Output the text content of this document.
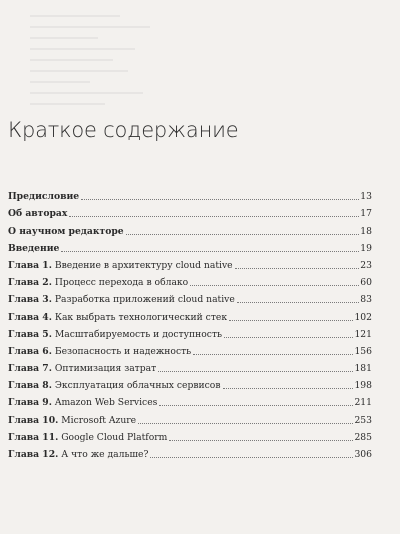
Краткое содержание
Предисловие	13
Об авторах	17
О научном редакторе	18
Введение	19
Глава 1. Введение в архитектуру cloud native	23
Глава 2. Процесс перехода в облако	60
Глава 3. Разработка приложений cloud native	83
Глава 4. Как выбрать технологический стек	102
Глава 5. Масштабируемость и доступность	121
Глава 6. Безопасность и надежность	156
Глава 7. Оптимизация затрат	181
Глава 8. Эксплуатация облачных сервисов	198
Глава 9. Amazon Web Services	211
Глава 10. Microsoft Azure	253
Глава 11. Google Cloud Platform	285
Глава 12. А что же дальше?	306
